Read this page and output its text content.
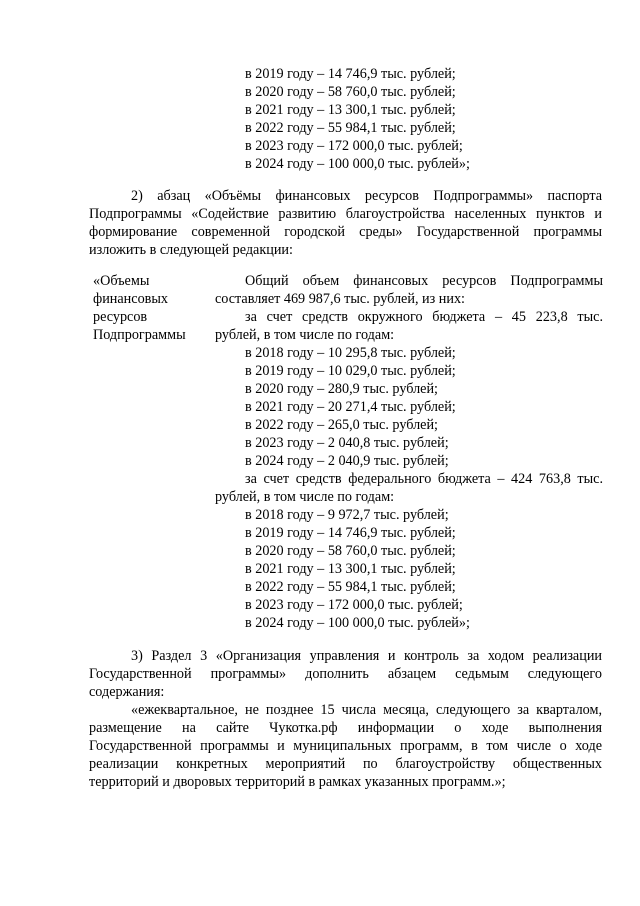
в 2019 году – 14 746,9 тыс. рублей;
в 2020 году – 58 760,0 тыс. рублей;
в 2021 году – 13 300,1 тыс. рублей;
в 2022 году – 55 984,1 тыс. рублей;
в 2023 году – 172 000,0 тыс. рублей;
в 2024 году – 100 000,0 тыс. рублей»;
2) абзац «Объёмы финансовых ресурсов Подпрограммы» паспорта
Подпрограммы «Содействие развитию благоустройства населенных пунктов и
формирование современной городской среды» Государственной программы
изложить в следующей редакции:
«Объемы
финансовых
ресурсов
Подпрограммы
Общий объем финансовых ресурсов Подпрограммы
составляет 469 987,6 тыс. рублей, из них:
за счет средств окружного бюджета – 45 223,8 тыс.
рублей, в том числе по годам:
в 2018 году – 10 295,8 тыс. рублей;
в 2019 году – 10 029,0 тыс. рублей;
в 2020 году – 280,9 тыс. рублей;
в 2021 году – 20 271,4 тыс. рублей;
в 2022 году – 265,0 тыс. рублей;
в 2023 году – 2 040,8 тыс. рублей;
в 2024 году – 2 040,9 тыс. рублей;
за счет средств федерального бюджета – 424 763,8 тыс.
рублей, в том числе по годам:
в 2018 году – 9 972,7 тыс. рублей;
в 2019 году – 14 746,9 тыс. рублей;
в 2020 году – 58 760,0 тыс. рублей;
в 2021 году – 13 300,1 тыс. рублей;
в 2022 году – 55 984,1 тыс. рублей;
в 2023 году – 172 000,0 тыс. рублей;
в 2024 году – 100 000,0 тыс. рублей»;
3) Раздел 3 «Организация управления и контроль за ходом реализации
Государственной программы» дополнить абзацем седьмым следующего
содержания:
«ежеквартальное, не позднее 15 числа месяца, следующего за кварталом,
размещение на сайте Чукотка.рф информации о ходе выполнения
Государственной программы и муниципальных программ, в том числе о ходе
реализации конкретных мероприятий по благоустройству общественных
территорий и дворовых территорий в рамках указанных программ.»;
